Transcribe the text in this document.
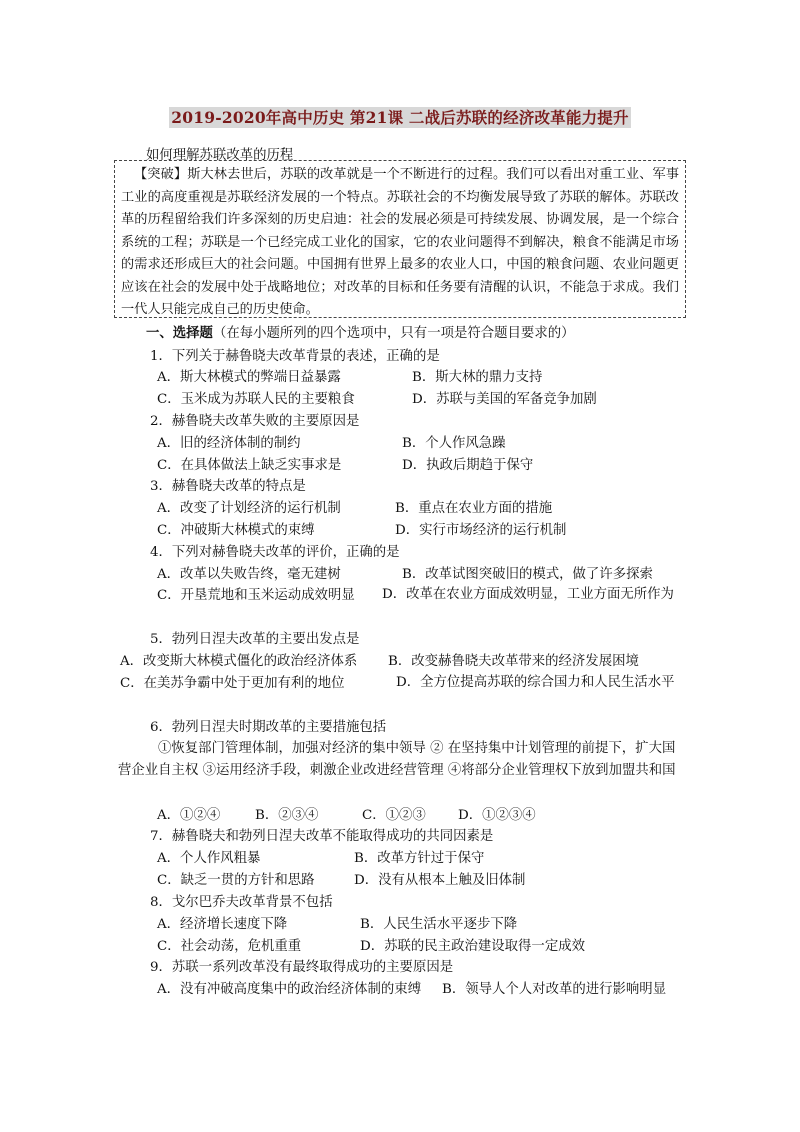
2019-2020年高中历史 第21课 二战后苏联的经济改革能力提升
如何理解苏联改革的历程

【突破】斯大林去世后，苏联的改革就是一个不断进行的过程。我们可以看出对重工业、军事工业的高度重视是苏联经济发展的一个特点。苏联社会的不均衡发展导致了苏联的解体。苏联改革的历程留给我们许多深刻的历史启迪：社会的发展必须是可持续发展、协调发展，是一个综合系统的工程；苏联是一个已经完成工业化的国家，它的农业问题得不到解决，粮食不能满足市场的需求还形成巨大的社会问题。中国拥有世界上最多的农业人口，中国的粮食问题、农业问题更应该在社会的发展中处于战略地位；对改革的目标和任务要有清醒的认识，不能急于求成。我们一代人只能完成自己的历史使命。

一、选择题（在每小题所列的四个选项中，只有一项是符合题目要求的）
1．下列关于赫鲁晓夫改革背景的表述，正确的是
A．斯大林模式的弊端日益暴露	B．斯大林的鼎力支持
C．玉米成为苏联人民的主要粮食	D．苏联与美国的军备竞争加剧
2．赫鲁晓夫改革失败的主要原因是
A．旧的经济体制的制约	B．个人作风急躁
C．在具体做法上缺乏实事求是	D．执政后期趋于保守
3．赫鲁晓夫改革的特点是
A．改变了计划经济的运行机制	B．重点在农业方面的措施
C．冲破斯大林模式的束缚	D．实行市场经济的运行机制
4．下列对赫鲁晓夫改革的评价，正确的是
A．改革以失败告终，毫无建树	B．改革试图突破旧的模式，做了许多探索
C．开垦荒地和玉米运动成效明显	D．改革在农业方面成效明显，工业方面无所作为
5．勃列日涅夫改革的主要出发点是
A．改变斯大林模式僵化的政治经济体系 B．改变赫鲁晓夫改革带来的经济发展困境
C．在美苏争霸中处于更加有利的地位	D．全方位提高苏联的综合国力和人民生活水平
6．勃列日涅夫时期改革的主要措施包括
①恢复部门管理体制，加强对经济的集中领导 ② 在坚持集中计划管理的前提下，扩大国营企业自主权 ③运用经济手段，刺激企业改进经营管理 ④将部分企业管理权下放到加盟共和国
A．①②④	B．②③④	C．①②③ D．①②③④
7．赫鲁晓夫和勃列日涅夫改革不能取得成功的共同因素是
A．个人作风粗暴	B．改革方针过于保守
C．缺乏一贯的方针和思路	D．没有从根本上触及旧体制
8．戈尔巴乔夫改革背景不包括
A．经济增长速度下降	B．人民生活水平逐步下降
C．社会动荡，危机重重	D．苏联的民主政治建设取得一定成效
9．苏联一系列改革没有最终取得成功的主要原因是
A．没有冲破高度集中的政治经济体制的束缚 B．领导人个人对改革的进行影响明显
